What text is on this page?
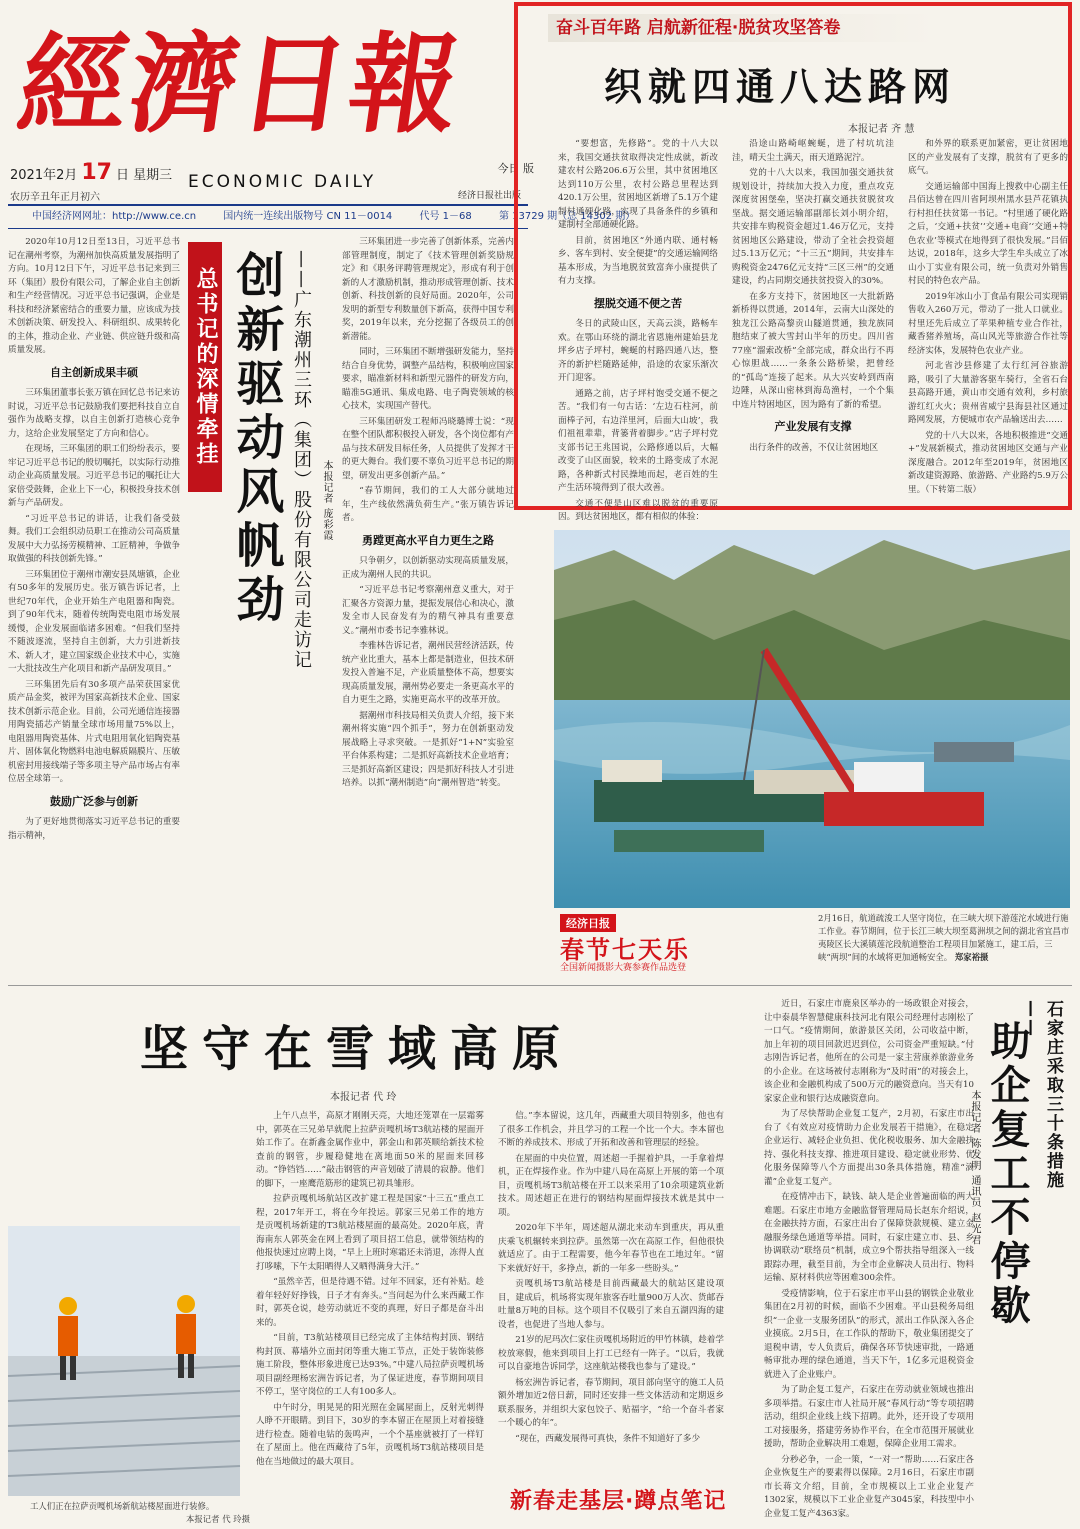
經濟日報
2021年2月 17 日 星期三
农历辛丑年正月初六
ECONOMIC DAILY
今日 版
经济日报社出版
中国经济网网址：http://www.ce.cn	国内统一连续出版物号 CN 11－0014	代号 1－68	第 13729 期（总 14302 期）
奋斗百年路 启航新征程·脱贫攻坚答卷
织就四通八达路网
本报记者 齐 慧

“要想富，先修路”。党的十八大以来，我国交通扶贫取得决定性成就，新改建农村公路206.6万公里，其中贫困地区达到110万公里，农村公路总里程达到420.1万公里，贫困地区新增了5.1万个建制村通硬化路，实现了具备条件的乡镇和建制村全部通硬化路。

目前，贫困地区“外通内联、通村畅乡、客车到村、安全便捷”的交通运输网络基本形成，为当地脱贫致富奔小康提供了有力支撑。

摆脱交通不便之苦

冬日的武陵山区，天高云淡，路畅车欢。在鄂山环绕的湖北省恩施州建始县龙坪乡店子坪村，蜿蜒的村路四通八达，整齐的新护栏随路延伸，沿途的农家乐渐次开门迎客。

通路之前，店子坪村饱受交通不便之苦。“我们有一句古话：‘左边石柱河，前面棒子河，右边洋里河，后面大山坡’，我们祖祖辈辈，背篓背着脚步。”店子坪村党支部书记王兆国说，公路修通以后，大幅改变了山区面貌，较来的土路变成了水泥路，各种新式村民操地而起，老百姓的生产生活环境得到了很大改善。

交通不便是山区难以脱贫的重要原因。到达贫困地区，都有相似的体验：

沿途山路崎岖蜿蜒，进了村坑坑洼洼，晴天尘土满天，雨天道路泥泞。

党的十八大以来，我国加强交通扶贫规划设计，持续加大投入力度，重点攻克深度贫困堡垒，坚决打赢交通扶贫脱贫攻坚战。据交通运输部副部长刘小明介绍，共安排车购税资金超过1.46万亿元，支持贫困地区公路建设，带动了全社会投资超过5.13万亿元；“十三五”期间，共安排车购税资金2476亿元支持“三区三州”的交通建设，约占同期交通扶贫投资入的30%。

在多方支持下，贫困地区一大批新路新桥得以贯通，2014年，云南大山深处的独龙江公路高黎贡山隧道贯通，独龙族同胞结束了被大雪封山半年的历史。四川省77座“溜索改桥”全部完成，群众出行不再心惊胆战……一条条公路桥梁，把曾经的“孤岛”连接了起来。从大兴安岭到西南边陲，从深山密林到海岛渔村，一个个集中连片特困地区，因为路有了新的希望。

产业发展有支撑

出行条件的改善，不仅让贫困地区

和外界的联系更加紧密，更让贫困地区的产业发展有了支撑，脱贫有了更多的底气。

交通运输部中国海上搜救中心副主任吕佰达曾在四川省阿坝州黑水县芦花镇执行村担任扶贫第一书记。“村里通了硬化路之后，‘交通+扶贫’‘交通+电商’‘交通+特色农业’等模式在地得到了很快发展。”吕佰达说，2018年，这乡大学生牟头成立了冰山小丁实业有限公司，统一负责对外销售村民的特色农产品。

2019年冰山小丁食品有限公司实现销售收入260万元，带动了一批人口就业。村里还先后成立了苹果种植专业合作社，藏香猪养殖场，高山风光等旅游合作社等经济实体，发展特色农业产业。

河北省沙县修建了太行红河谷旅游路，吸引了大量游客驱车骑行，全省石台县高路开通，黄山市交通有效利，乡村旅游红红火火；贵州省威宁县海县社区通过路网发展，方便城市农产品输送出去……

党的十八大以来，各地积极推进“交通+”发展新模式，推动贫困地区交通与产业深度融合。2012年至2019年，贫困地区新改建资源路、旅游路、产业路约5.9万公里。（下转第二版）

2020年10月12日至13日，习近平总书记在潮州考察，为潮州加快高质量发展指明了方向。10月12日下午，习近平总书记来到三环（集团）股份有限公司，了解企业自主创新和生产经营情况。习近平总书记强调，企业是科技和经济紧密结合的重要力量，应该成为技术创新决策、研发投入、科研组织、成果转化的主体，推动企业、产业链、供应链升级和高质量发展。

自主创新成果丰硕

三环集团董事长张万镇在回忆总书记来访时说，习近平总书记鼓励我们要把科技自立自强作为战略支撑，以自主创新打造核心竞争力，这给企业发展坚定了方向和信心。

在现场，三环集团的职工们纷纷表示，要牢记习近平总书记的殷切嘱托，以实际行动推动企业高质量发展。习近平总书记的嘱托让大家倍受鼓舞，企业上下一心，积极投身技术创新与产品研发。

“习近平总书记的讲话，让我们备受鼓舞。我们工会组织动员职工在推动公司高质量发展中大力弘扬劳模精神、工匠精神，争做争取做强的科技创新先锋。”

三环集团位于潮州市潮安县凤塘镇，企业有50多年的发展历史。张万镇告诉记者，上世纪70年代，企业开始生产电阻器和陶瓷。到了90年代末，随着传统陶瓷电阻市场发展缓慢，企业发展面临诸多困难。“但我们坚持不随波逐流，坚持自主创新，大力引进新技术、新人才，建立国家级企业技术中心，实施一大批技改生产化项目和新产品研发项目。”

三环集团先后有30多项产品荣获国家优质产品金奖，被评为国家高新技术企业、国家技术创新示范企业。目前，公司光通信连接器用陶瓷插芯产销量全球市场用量75%以上，电阻器用陶瓷基体、片式电阻用氧化铝陶瓷基片、固体氧化物燃料电池电解质隔膜片、压敏机密封用接线端子等多项主导产品市场占有率位居全球第一。

鼓励广泛参与创新

为了更好地贯彻落实习近平总书记的重要指示精神，

总书记的深情牵挂 创新驱动风帆劲 ——广东潮州三环（集团）股份有限公司走访记 本报记者 庞彩霞

三环集团进一步完善了创新体系，完善内部管理制度，制定了《技术管理创新奖励规定》和《职务评聘管理规定》，形成有利于创新的人才激励机制，推动形成管理创新、技术创新、科技创新的良好局面。2020年，公司发明的新型专利数量创下新高，获得中国专利奖，2019年以来，充分挖掘了各级员工的创新潜能。

同时，三环集团不断增强研发能力，坚持结合自身优势，调整产品结构，积极响应国家要求，瞄准新材料和新型元器件的研发方向，瞄准5G通讯、集成电路、电子陶瓷领域的核心技术，实现国产替代。

三环集团研发工程师冯晓璐博士说：“现在整个团队都积极投入研发，各个岗位都有产品与技术研发目标任务，人员提供了发挥才干的更大舞台。我们要不辜负习近平总书记的期望，研发出更多创新产品。”

“春节期间，我们的工人大部分就地过年，生产线依然满负荷生产。”张万镇告诉记者。

勇蹚更高水平自力更生之路

只争朝夕，以创新驱动实现高质量发展，正成为潮州人民的共识。

“习近平总书记考察潮州意义重大，对于汇聚各方资源力量，提振发展信心和决心，激发全市人民奋发有为的精气神具有重要意义。”潮州市委书记李雅林说。

李雅林告诉记者，潮州民营经济活跃，传统产业比重大，基本上都是制造业，但技术研发投入普遍不足，产业质量整体不高，想要实现高质量发展，潮州势必要走一条更高水平的自力更生之路，实施更高水平的改革开放。

据潮州市科技局相关负责人介绍，接下来潮州将实施“四个抓手”，努力在创新驱动发展战略上寻求突破。一是抓好“1+N”实验室平台体系构建；二是抓好高新技术企业培育；三是抓好高新区建设；四是抓好科技人才引进培养。以抓“潮州制造”向“潮州智造”转变。

经济日报
春节七天乐
全国新闻摄影大赛参赛作品选登
2月16日，航道疏浚工人坚守岗位，在三峡大坝下游莲沱水域进行施工作业。春节期间，位于长江三峡大坝至葛洲坝之间的湖北省宜昌市夷陵区长大溪镇莲沱段航道整治工程项目加紧施工，建工后，三峡“两坝”间的水域将更加通畅安全。 郑家裕摄
坚守在雪域高原
本报记者 代 玲

上午八点半，高原才刚刚天亮，大地还笼罩在一层霜雾中，郭英在三兄弟早就爬上拉萨贡嘎机场T3航站楼的屋面开始工作了。在新鑫金属作业中，郭金山和郭英顺给新技术检查前的钢管，步履稳健地在离地面50米的屋面来回移动。“铮铛铛……”敲击钢管的声音划破了清晨的寂静。他们的脚下，一座鹰范筋形的建筑已初具雏形。

拉萨贡嘎机场航站区改扩建工程是国家“十三五”重点工程，2017年开工，将在今年投运。郭家三兄弟工作的地方是贡嘎机场新建的T3航站楼屋面的最高处。2020年底，青海南东人郭英金在网上看到了项目招工信息，就带领结构的他报快速过应聘上岗，“早上上班时寒霜还未消退，冻得人直打哆嗦，下午太阳晒得人又晒得满身大汗。”

“虽然辛苦，但是待遇不错。过年不回家，还有补贴。趁着年轻好好挣钱，日子才有奔头。”当问起为什么来西藏工作时，郭英仓说，趁劳动就近不变的真理，好日子都是奋斗出来的。

“目前，T3航站楼项目已经完成了主体结构封顶、钢结构封顶、幕墙外立面封闭等重大施工节点，正处于装饰装修施工阶段，整体形象进度已达93%。”中建八局拉萨贡嘎机场项目副经理杨宏洲告诉记者，为了保证进度，春节期间项目不停工，坚守岗位的工人有100多人。

中午时分，明晃晃的阳光照在金属屋面上，反射光刺得人睁不开眼睛。到目下，30岁的李本留正在屋顶上对着接缝进行检查。随着电钻的轰鸣声，一个个基座就被打了一样钉在了屋面上。他在西藏待了5年，贡嘎机场T3航站楼项目是他在当地做过的最大项目。

信。”李本留说，这几年，西藏重大项目特别多，他也有了很多工作机会，并且学习的工程一个比一个大。李本留也不断的养成技术、形成了开拓和改善和管理层的经验。

在屋面的中央位置，周述超一手握着护具，一手拿着焊机，正在焊接作业。作为中建八局在高原上开展的第一个项目，贡嘎机场T3航站楼在开工以来采用了10余项建筑业新技术。周述超正在进行的钢结构屋面焊接技术就是其中一项。

2020年下半年，周述超从湖北来动车到重庆，再从重庆乘飞机辗转来到拉萨。虽然第一次在高原工作，但他很快就适应了。由于工程需要，他今年春节也在工地过年。“留下来就好好干，多挣点，新的一年多一些盼头。”

贡嘎机场T3航站楼是目前西藏最大的航站区建设项目，建成后，机场将实现年旅客吞吐量900万人次、货邮吞吐量8万吨的目标。这个项目不仅吸引了来自五湖四海的建设者，也促进了当地人参与。

21岁的尼玛次仁家住贡嘎机场附近的甲竹林镇，趁着学校放寒假，他来到项目上打工已经有一阵子。“以后，我就可以自豪地告诉同学，这座航站楼我也参与了建设。”

杨宏洲告诉记者，春节期间，项目部向坚守的施工人员额外增加近2倍日薪，同时还安排一些文体活动和定期返乡联系服务，并组织大家包饺子、贴福字，“给一个奋斗者家一个暖心的年”。

“现在，西藏发展得可真快，条件不知道好了多少

工人们正在拉萨贡嘎机场新航站楼屋面进行装修。
本报记者 代 玲摄

近日，石家庄市鹿泉区举办的一场政银企对接会，让中泰晨华智慧健康科技河北有限公司经理付志刚松了一口气。“疫情期间，旅游景区关闭，公司收益中断，加上年初的项目回款迟迟到位，公司资金严重短缺。”付志刚告诉记者，他所在的公司是一家主营康养旅游业务的小企业。在这场被付志刚称为“及时雨”的对接会上，该企业和金融机构成了500万元的融资意向。当天有10家家企业和银行达成融资意向。

为了尽快帮助企业复工复产，2月初，石家庄市出台了《有效应对疫情助力企业发展若干措施》，在稳定企业运行、减轻企业负担、优化税收服务、加大金融扶持、强化科技支撑、推进项目建设、稳定就业形势、优化服务保障等八个方面提出30条具体措施，精准“滴灌”企业复工复产。

在疫情冲击下，缺钱、缺人是企业普遍面临的两大难题。石家庄市地方金融监督管理局局长赵东介绍说，在金融扶持方面，石家庄出台了保障贷款规模、建立金融服务绿色通道等举措。同时，石家庄建立市、县、乡协调联动“联络员”机制，成立9个帮扶指导组深入一线跟踪办理，截至目前，为全市企业解决人员出行、物料运输、原材料供应等困难300余件。

受疫情影响，位于石家庄市平山县的钢铁企业敬业集团在2月初的时候，面临不少困难。平山县税务局组织“一企业一支服务团队”的形式，派出工作队深入各企业摸底。2月5日，在工作队的帮助下，敬业集团提交了退税申请，专人负责后，确保各环节快速审批，一路通畅审批办理的绿色通道，当天下午，1亿多元退税资金就进入了企业账户。

为了助企复工复产，石家庄在劳动就业领域也推出多项举措。石家庄市人社局开展“春风行动”等专项招聘活动，组织企业线上线下招聘。此外，还开设了专项用工对接服务，搭建劳务协作平台，在全市范围开展就业援助，帮助企业解决用工难题，保障企业用工需求。

分秒必争，一企一策，“一对一”帮助……石家庄各企业恢复生产的要素得以保障。2月16日，石家庄市副市长蒋文介绍，目前，全市规模以上工业企业复产1302家，规模以下工业企业复产3045家，科技型中小企业复工复产4363家。

石家庄采取三十条措施——
助企复工不停歇
本报记者 陈发明 通讯员 赵光君
新春走基层·蹲点笔记
